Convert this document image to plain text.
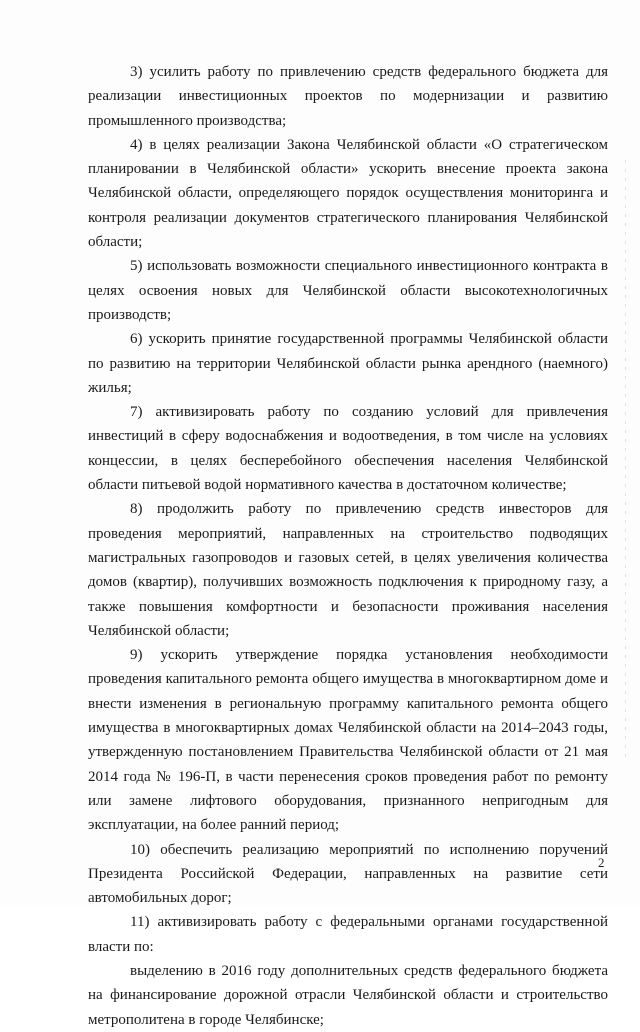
3) усилить работу по привлечению средств федерального бюджета для реализации инвестиционных проектов по модернизации и развитию промышленного производства;

4) в целях реализации Закона Челябинской области «О стратегическом планировании в Челябинской области» ускорить внесение проекта закона Челябинской области, определяющего порядок осуществления мониторинга и контроля реализации документов стратегического планирования Челябинской области;

5) использовать возможности специального инвестиционного контракта в целях освоения новых для Челябинской области высокотехнологичных производств;

6) ускорить принятие государственной программы Челябинской области по развитию на территории Челябинской области рынка арендного (наемного) жилья;

7) активизировать работу по созданию условий для привлечения инвестиций в сферу водоснабжения и водоотведения, в том числе на условиях концессии, в целях бесперебойного обеспечения населения Челябинской области питьевой водой нормативного качества в достаточном количестве;

8) продолжить работу по привлечению средств инвесторов для проведения мероприятий, направленных на строительство подводящих магистральных газопроводов и газовых сетей, в целях увеличения количества домов (квартир), получивших возможность подключения к природному газу, а также повышения комфортности и безопасности проживания населения Челябинской области;

9) ускорить утверждение порядка установления необходимости проведения капитального ремонта общего имущества в многоквартирном доме и внести изменения в региональную программу капитального ремонта общего имущества в многоквартирных домах Челябинской области на 2014–2043 годы, утвержденную постановлением Правительства Челябинской области от 21 мая 2014 года № 196-П, в части перенесения сроков проведения работ по ремонту или замене лифтового оборудования, признанного непригодным для эксплуатации, на более ранний период;

10) обеспечить реализацию мероприятий по исполнению поручений Президента Российской Федерации, направленных на развитие сети автомобильных дорог;

11) активизировать работу с федеральными органами государственной власти по:

выделению в 2016 году дополнительных средств федерального бюджета на финансирование дорожной отрасли Челябинской области и строительство метрополитена в городе Челябинске;

2
